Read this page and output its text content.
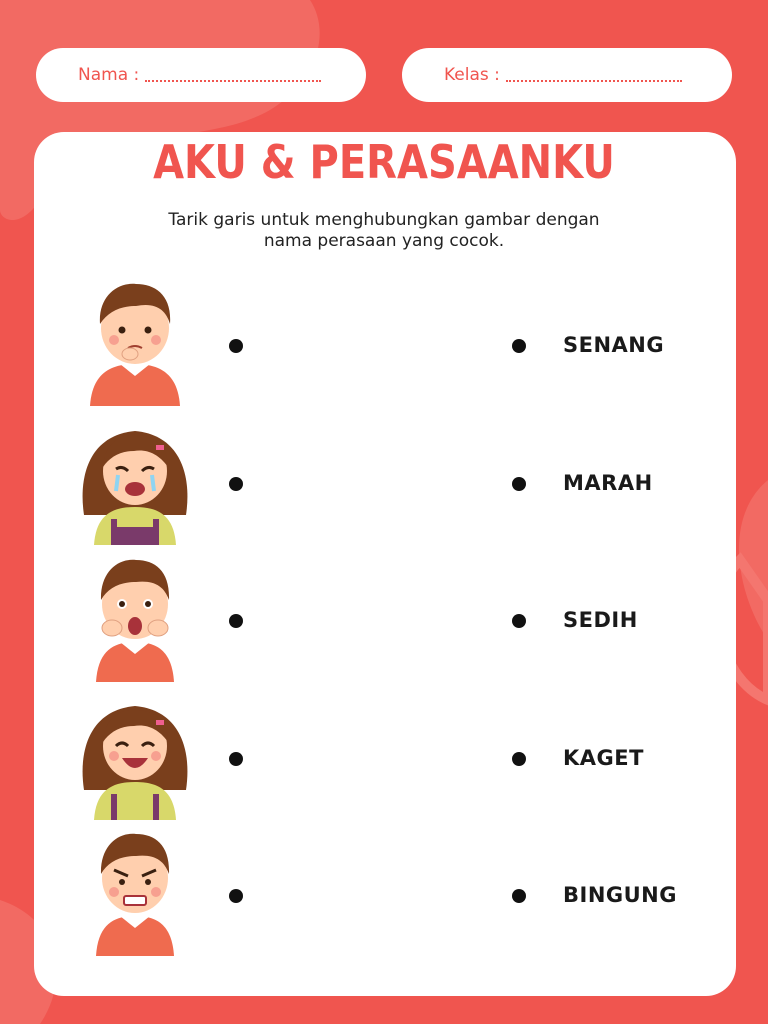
Nama :	Kelas :
AKU & PERASAANKU
Tarik garis untuk menghubungkan gambar dengan
nama perasaan yang cocok.
SENANG
MARAH
SEDIH
KAGET
BINGUNG
